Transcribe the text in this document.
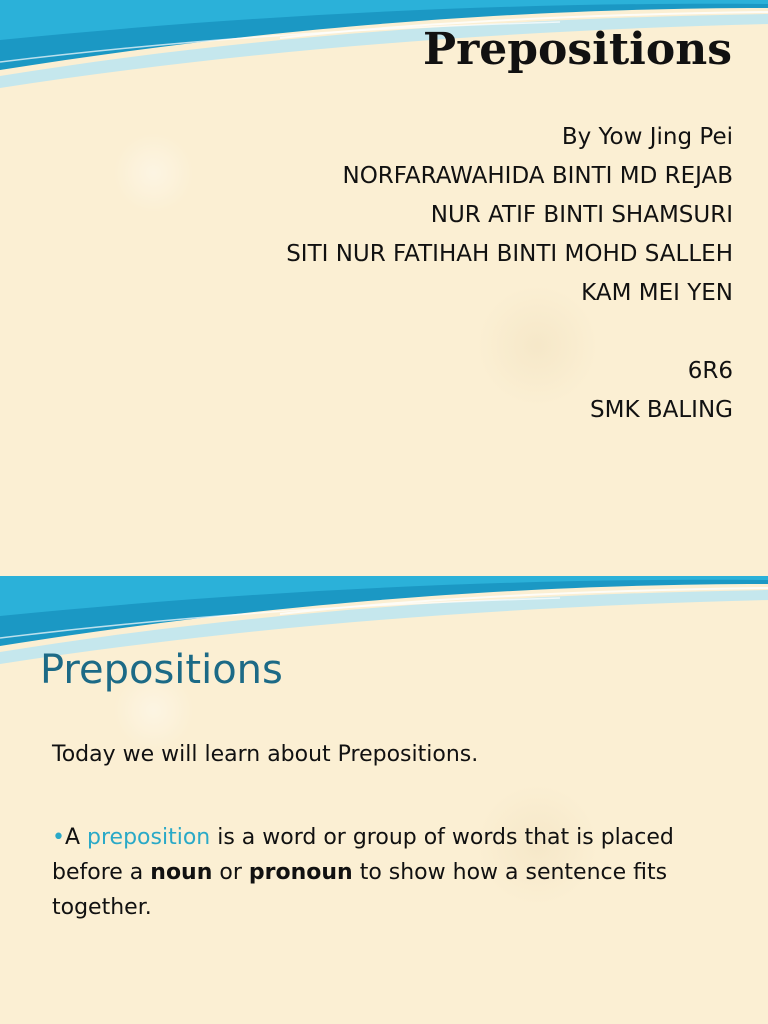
Prepositions
By Yow Jing Pei
NORFARAWAHIDA BINTI MD REJAB
NUR ATIF BINTI SHAMSURI
SITI NUR FATIHAH BINTI MOHD SALLEH
KAM MEI YEN
6R6
SMK BALING
Prepositions

Today we will learn about Prepositions.

•A preposition is a word or group of words that is placed before a noun or pronoun to show how a sentence fits together.
